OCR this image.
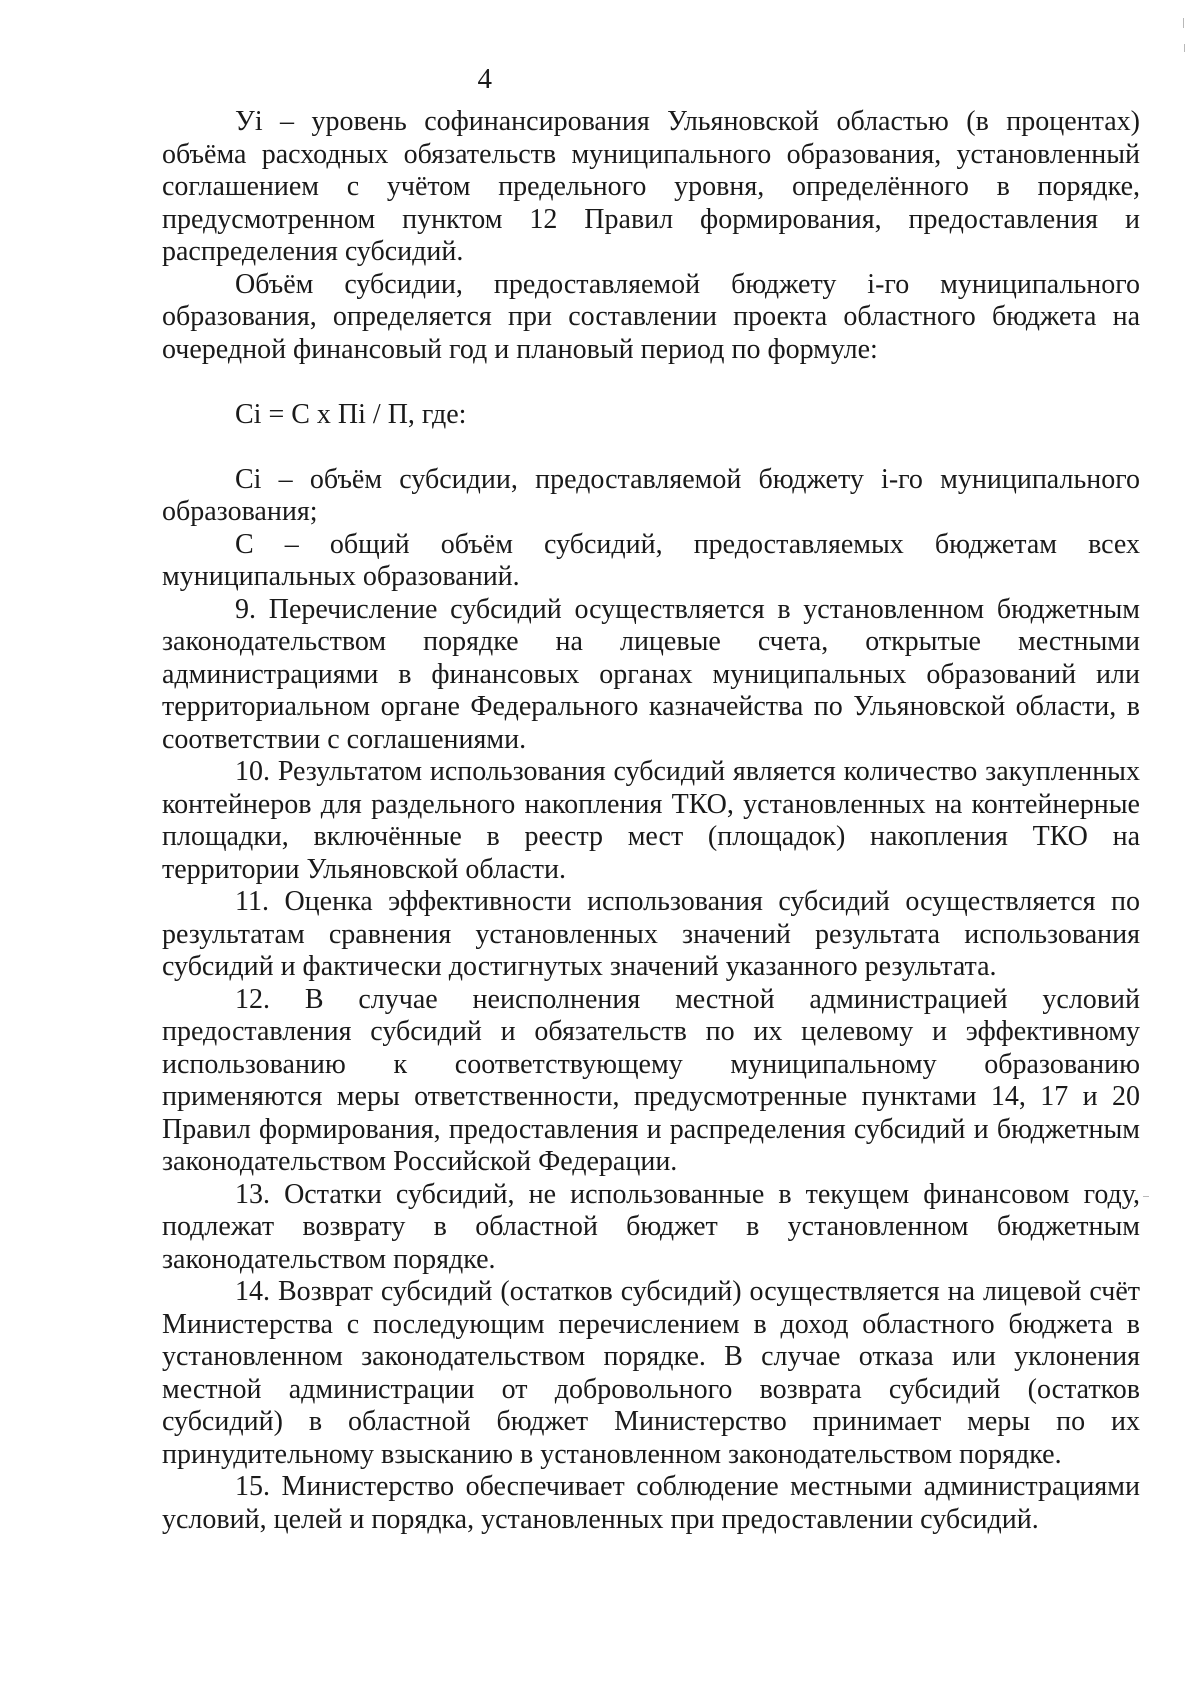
4

Уi – уровень софинансирования Ульяновской областью (в процентах) объёма расходных обязательств муниципального образования, установленный соглашением с учётом предельного уровня, определённого в порядке, предусмотренном пунктом 12 Правил формирования, предоставления и распределения субсидий.

Объём субсидии, предоставляемой бюджету i-го муниципального образования, определяется при составлении проекта областного бюджета на очередной финансовый год и плановый период по формуле:

Ci = C x Пi / П, где:

Ci – объём субсидии, предоставляемой бюджету i-го муниципального образования;

C – общий объём субсидий, предоставляемых бюджетам всех муниципальных образований.

9. Перечисление субсидий осуществляется в установленном бюджетным законодательством порядке на лицевые счета, открытые местными администрациями в финансовых органах муниципальных образований или территориальном органе Федерального казначейства по Ульяновской области, в соответствии с соглашениями.

10. Результатом использования субсидий является количество закупленных контейнеров для раздельного накопления ТКО, установленных на контейнерные площадки, включённые в реестр мест (площадок) накопления ТКО на территории Ульяновской области.

11. Оценка эффективности использования субсидий осуществляется по результатам сравнения установленных значений результата использования субсидий и фактически достигнутых значений указанного результата.

12. В случае неисполнения местной администрацией условий предоставления субсидий и обязательств по их целевому и эффективному использованию к соответствующему муниципальному образованию применяются меры ответственности, предусмотренные пунктами 14, 17 и 20 Правил формирования, предоставления и распределения субсидий и бюджетным законодательством Российской Федерации.

13. Остатки субсидий, не использованные в текущем финансовом году, подлежат возврату в областной бюджет в установленном бюджетным законодательством порядке.

14. Возврат субсидий (остатков субсидий) осуществляется на лицевой счёт Министерства с последующим перечислением в доход областного бюджета в установленном законодательством порядке. В случае отказа или уклонения местной администрации от добровольного возврата субсидий (остатков субсидий) в областной бюджет Министерство принимает меры по их принудительному взысканию в установленном законодательством порядке.

15. Министерство обеспечивает соблюдение местными администрациями условий, целей и порядка, установленных при предоставлении субсидий.
